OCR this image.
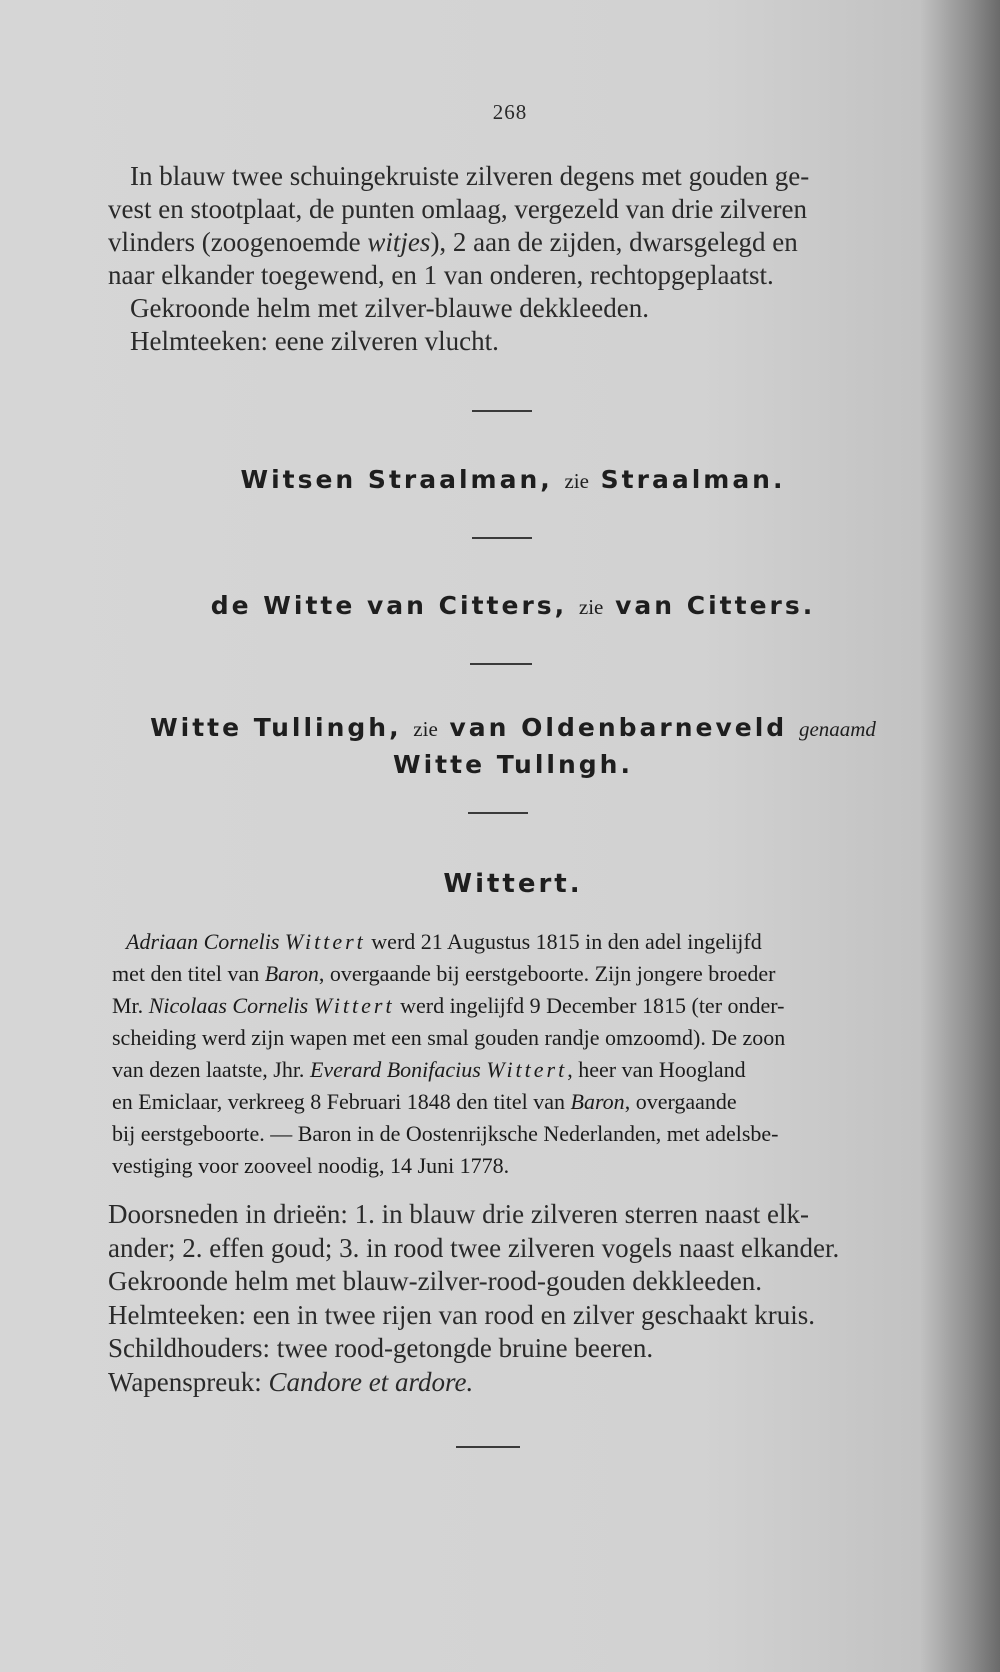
268
In blauw twee schuingekruiste zilveren degens met gouden ge-
vest en stootplaat, de punten omlaag, vergezeld van drie zilveren
vlinders (zoogenoemde witjes), 2 aan de zijden, dwarsgelegd en
naar elkander toegewend, en 1 van onderen, rechtopgeplaatst.
Gekroonde helm met zilver-blauwe dekkleeden.
Helmteeken: eene zilveren vlucht.
Witsen Straalman, zie Straalman.
de Witte van Citters, zie van Citters.
Witte Tullingh, zie van Oldenbarneveld genaamd
Witte Tullngh.
Wittert.
Adriaan Cornelis Wittert werd 21 Augustus 1815 in den adel ingelijfd
met den titel van Baron, overgaande bij eerstgeboorte. Zijn jongere broeder
Mr. Nicolaas Cornelis Wittert werd ingelijfd 9 December 1815 (ter onder-
scheiding werd zijn wapen met een smal gouden randje omzoomd). De zoon
van dezen laatste, Jhr. Everard Bonifacius Wittert, heer van Hoogland
en Emiclaar, verkreeg 8 Februari 1848 den titel van Baron, overgaande
bij eerstgeboorte. — Baron in de Oostenrijksche Nederlanden, met adelsbe-
vestiging voor zooveel noodig, 14 Juni 1778.
Doorsneden in drieën: 1. in blauw drie zilveren sterren naast elk-
ander; 2. effen goud; 3. in rood twee zilveren vogels naast elkander.
Gekroonde helm met blauw-zilver-rood-gouden dekkleeden.
Helmteeken: een in twee rijen van rood en zilver geschaakt kruis.
Schildhouders: twee rood-getongde bruine beeren.
Wapenspreuk: Candore et ardore.
